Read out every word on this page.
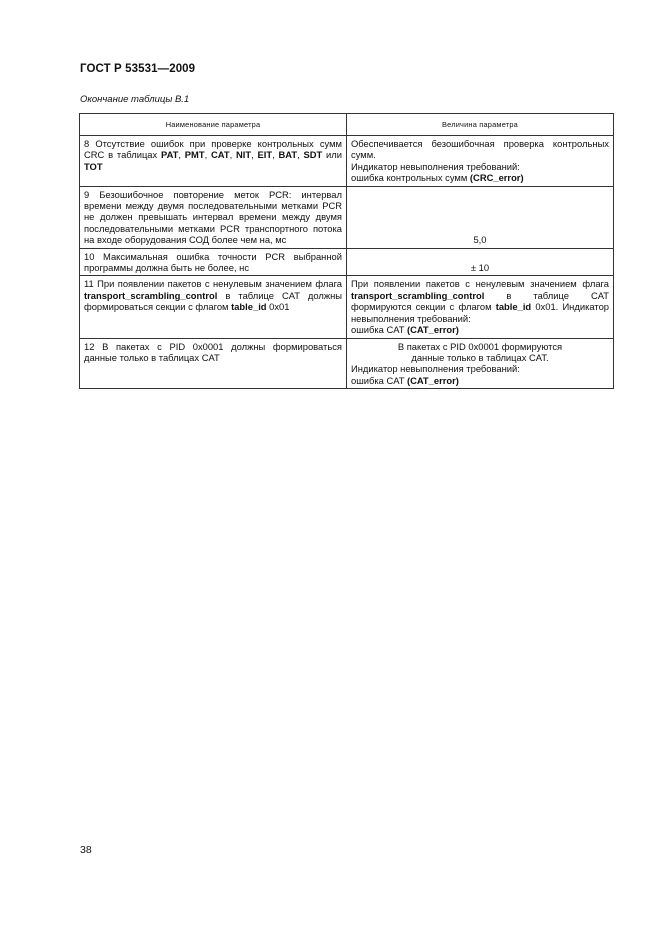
ГОСТ Р 53531—2009
Окончание таблицы В.1
Наименование параметра	Величина параметра
8 Отсутствие ошибок при проверке контрольных сумм CRC в таблицах PAT, PMT, CAT, NIT, EIT, BAT, SDT или TOT	Обеспечивается безошибочная проверка контрольных сумм.
Индикатор невыполнения требований:
ошибка контрольных сумм (CRC_error)

9 Безошибочное повторение меток PCR: интервал времени между двумя последовательными метками PCR не должен превышать интервал времени между двумя последовательными метками PCR транспортного потока на входе оборудования СОД более чем на, мс	5,0
10 Максимальная ошибка точности PCR выбранной программы должна быть не более, нс	± 10
11 При появлении пакетов с ненулевым значением флага transport_scrambling_control в таблице CAT должны формироваться секции с флагом table_id 0x01	При появлении пакетов с ненулевым значением флага transport_scrambling_control в таблице CAT формируются секции с флагом table_id 0x01. Индикатор невыполнения требований:
ошибка CAT (CAT_error)

12 В пакетах с PID 0x0001 должны формироваться данные только в таблицах CAT	В пакетах с PID 0x0001 формируются
данные только в таблицах CAT.
Индикатор невыполнения требований:
ошибка CAT (CAT_error)
38
